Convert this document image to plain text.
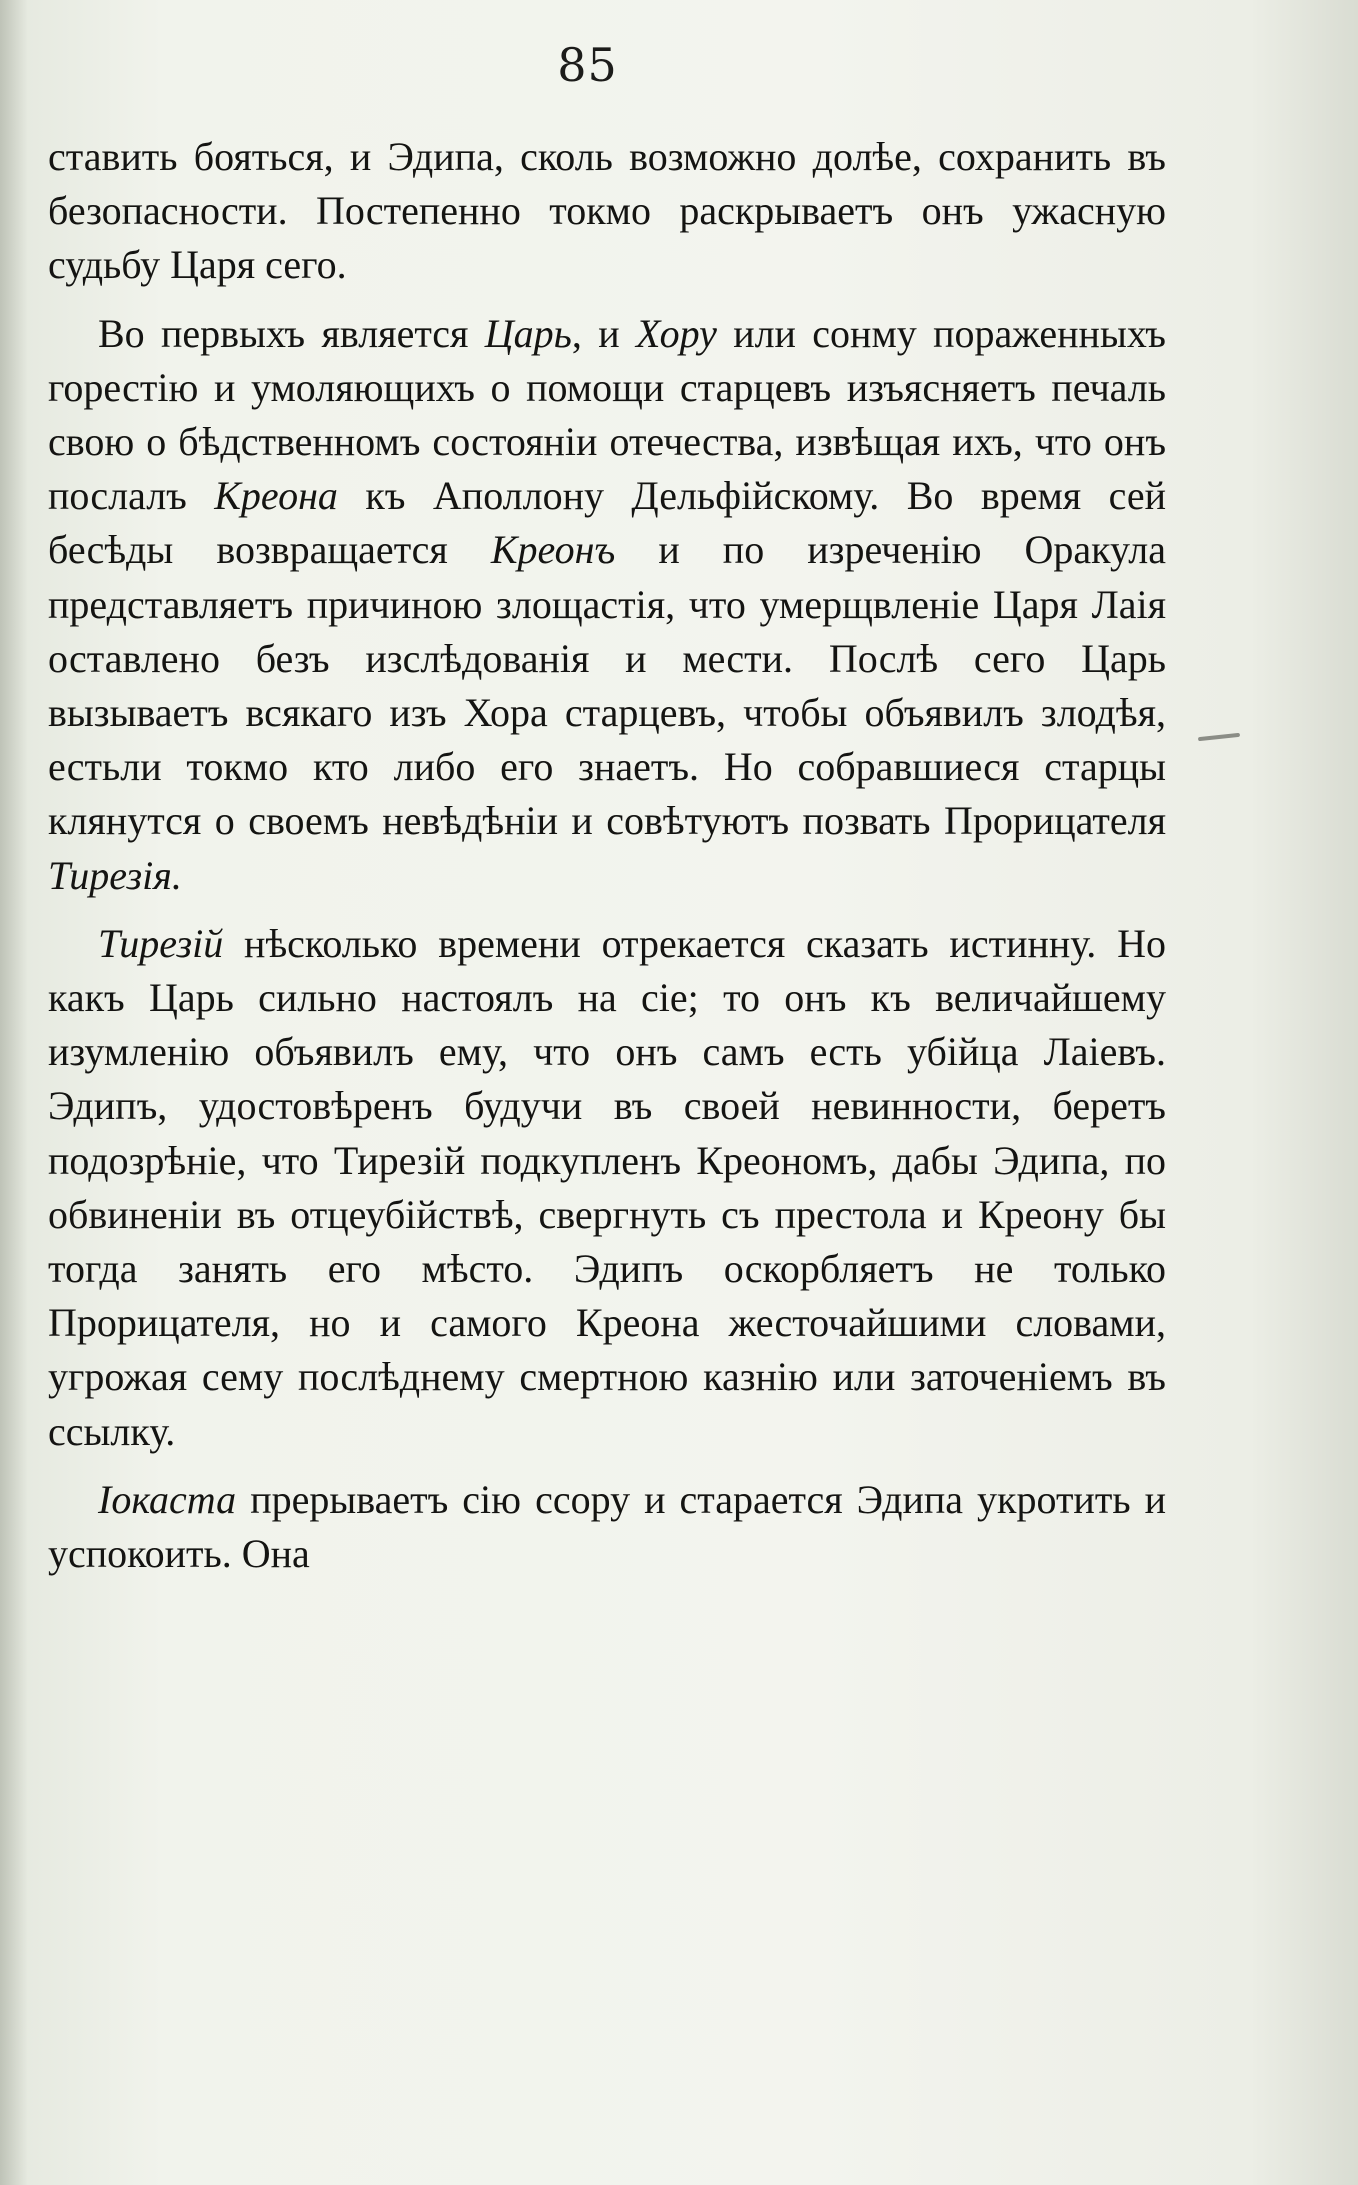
85

ставить бояться, и Эдипа, сколь возможно долѣе, сохранить въ безопасности. Постепенно токмо раскрываетъ онъ ужасную судьбу Царя сего.

Во первыхъ является Царь, и Хору или сонму пораженныхъ горестію и умоляющихъ о помощи старцевъ изъясняетъ печаль свою о бѣдственномъ состояніи отечества, извѣщая ихъ, что онъ послалъ Креона къ Аполлону Дельфійскому. Во время сей бесѣды возвращается Креонъ и по изреченію Оракула представляетъ причиною злощастія, что умерщвленіе Царя Лаія оставлено безъ изслѣдованія и мести. Послѣ сего Царь вызываетъ всякаго изъ Хора старцевъ, чтобы объявилъ злодѣя, естьли токмо кто либо его знаетъ. Но собравшиеся старцы клянутся о своемъ невѣдѣніи и совѣтуютъ позвать Прорицателя Тирезія.

Тирезій нѣсколько времени отрекается сказать истинну. Но какъ Царь сильно настоялъ на сіе; то онъ къ величайшему изумленію объявилъ ему, что онъ самъ есть убійца Лаіевъ. Эдипъ, удостовѣренъ будучи въ своей невинности, беретъ подозрѣніе, что Тирезій подкупленъ Креономъ, дабы Эдипа, по обвиненіи въ отцеубійствѣ, свергнуть съ престола и Креону бы тогда занять его мѣсто. Эдипъ оскорбляетъ не только Прорицателя, но и самого Креона жесточайшими словами, угрожая сему послѣднему смертною казнію или заточеніемъ въ ссылку.

Іокаста прерываетъ сію ссору и старается Эдипа укротить и успокоить. Она
